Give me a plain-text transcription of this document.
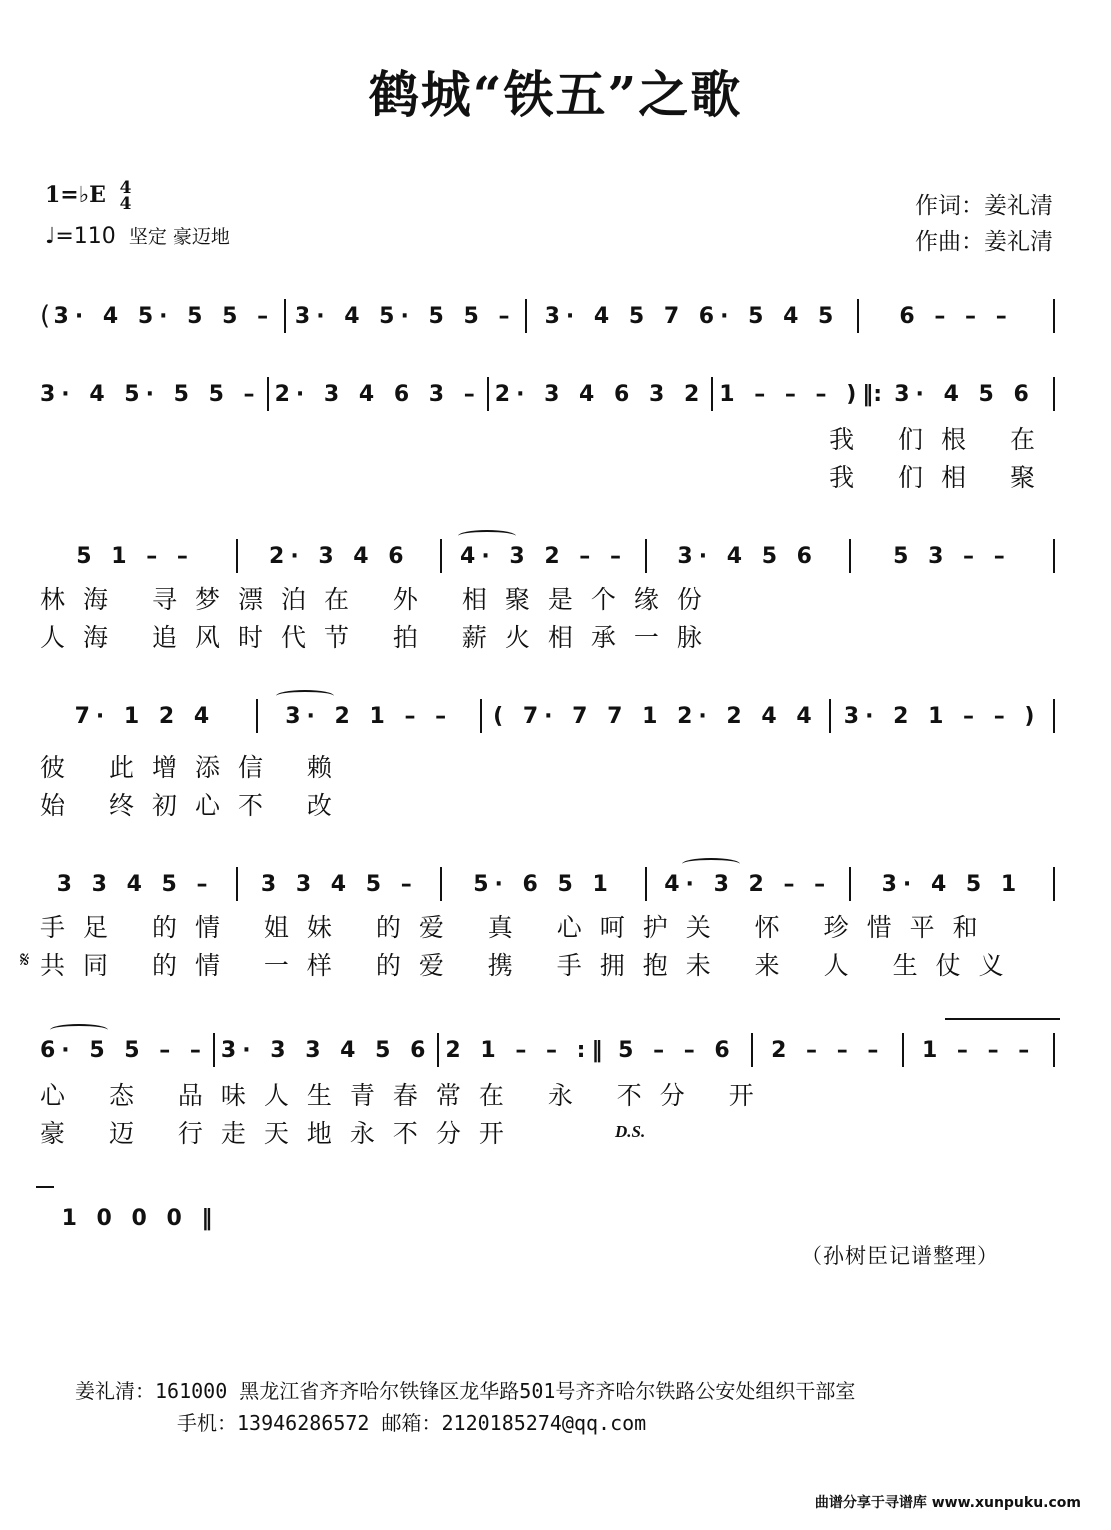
鹤城“铁五”之歌
1=♭E 4
4
♩=110 坚定 豪迈地
作词：姜礼清
作曲：姜礼清
( 3· 4 5· 5 5 – 3· 4 5· 5 5 –	3· 4 5 7 6· 5 4 5	6 – – –
3· 4 5· 5 5 – 2· 3 4 6 3 – 2· 3 4 6 3 2 1 – – – ) ‖: 3· 4 5 6
我 们根 在
我 们相 聚
5 1 – –	2· 3 4 6	4· 3 2 – –	3· 4 5 6	5 3 – –
林海 寻梦漂泊在 外 相聚是个缘份
人海 追风时代节 拍 薪火相承一脉
7· 1 2 4	3· 2 1 – –	( 7· 7 7 1 2· 2 4 4 3· 2 1 – – )
彼 此增添信 赖
始 终初心不 改
3 3 4 5 –	3 3 4 5 –	5· 6 5 1	4· 3 2 – –	3· 4 5 1
手足 的情 姐妹 的爱 真 心呵护关 怀 珍惜平和
𝄋 共同 的情 一样 的爱 携 手拥抱未 来 人 生仗义
6· 5 5 – – 3· 3 3 4 5 6 2 1 – – :‖ 5 – – 6	2 – – –	1 – – –
心 态 品味人生青春常在 永 不分 开
豪 迈 行走天地永不分开	D.S.
1 0 0 0 ‖
（孙树臣记谱整理）
姜礼清：161000 黑龙江省齐齐哈尔铁锋区龙华路501号齐齐哈尔铁路公安处组织干部室
手机：13946286572 邮箱：2120185274@qq.com
曲谱分享于寻谱库 www.xunpuku.com
